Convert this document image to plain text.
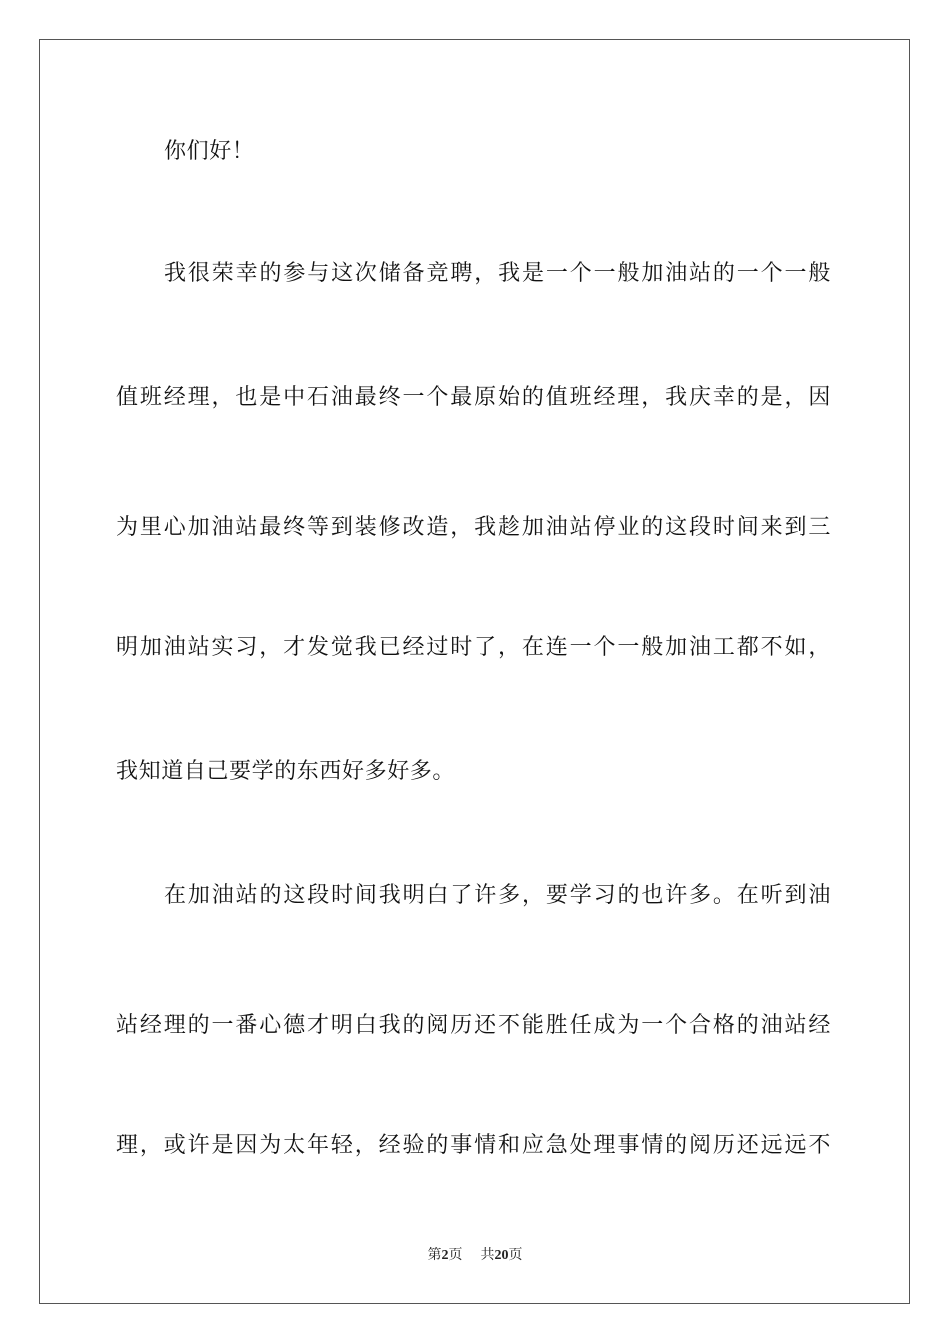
你们好！
我很荣幸的参与这次储备竞聘，我是一个一般加油站的一个一般
值班经理，也是中石油最终一个最原始的值班经理，我庆幸的是，因
为里心加油站最终等到装修改造，我趁加油站停业的这段时间来到三
明加油站实习，才发觉我已经过时了，在连一个一般加油工都不如，
我知道自己要学的东西好多好多。
在加油站的这段时间我明白了许多，要学习的也许多。在听到油
站经理的一番心德才明白我的阅历还不能胜任成为一个合格的油站经
理，或许是因为太年轻，经验的事情和应急处理事情的阅历还远远不
第2页 共20页
